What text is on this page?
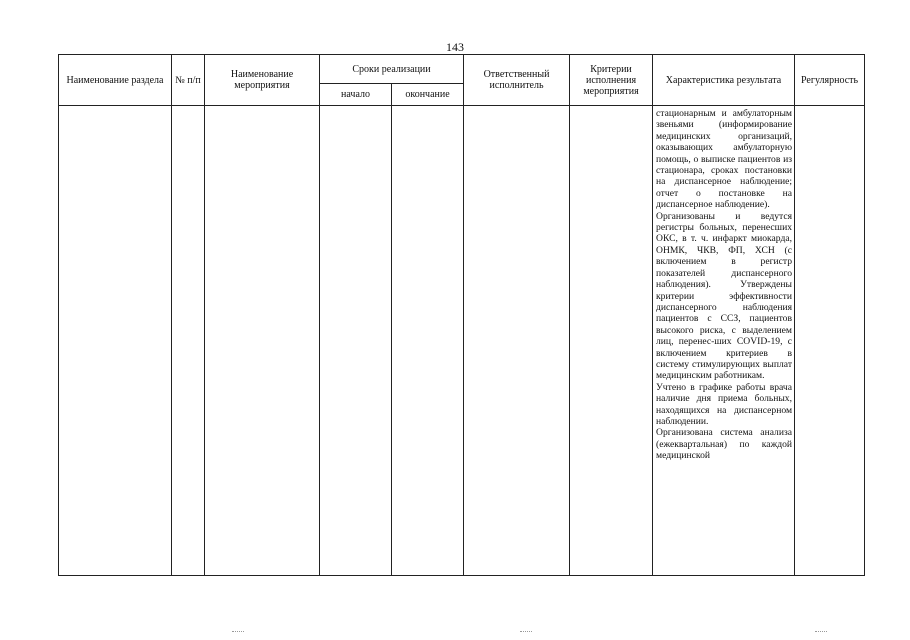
143
Наименование раздела	№ п/п	Наименование мероприятия	Сроки реализации		Ответственный исполнитель	Критерии исполнения мероприятия	Характеристика результата	Регулярность
			начало	окончание				

							стационарным и амбулаторным звеньями (информирование медицинских организаций, оказывающих амбулаторную помощь, о выписке пациентов из стационара, сроках постановки на диспансерное наблюдение; отчет о постановке на диспансерное наблюдение).
Организованы и ведутся регистры больных, перенесших ОКС, в т. ч. инфаркт миокарда, ОНМК, ЧКВ, ФП, ХСН (с включением в регистр показателей диспансерного наблюдения). Утверждены критерии эффективности диспансерного наблюдения пациентов с ССЗ, пациентов высокого риска, с выделением лиц, перенес-ших COVID-19, с включением критериев в систему стимулирующих выплат медицинским работникам.
Учтено в графике работы врача наличие дня приема больных, находящихся на диспансерном наблюдении.
Организована система анализа (ежеквартальная) по каждой медицинской	
